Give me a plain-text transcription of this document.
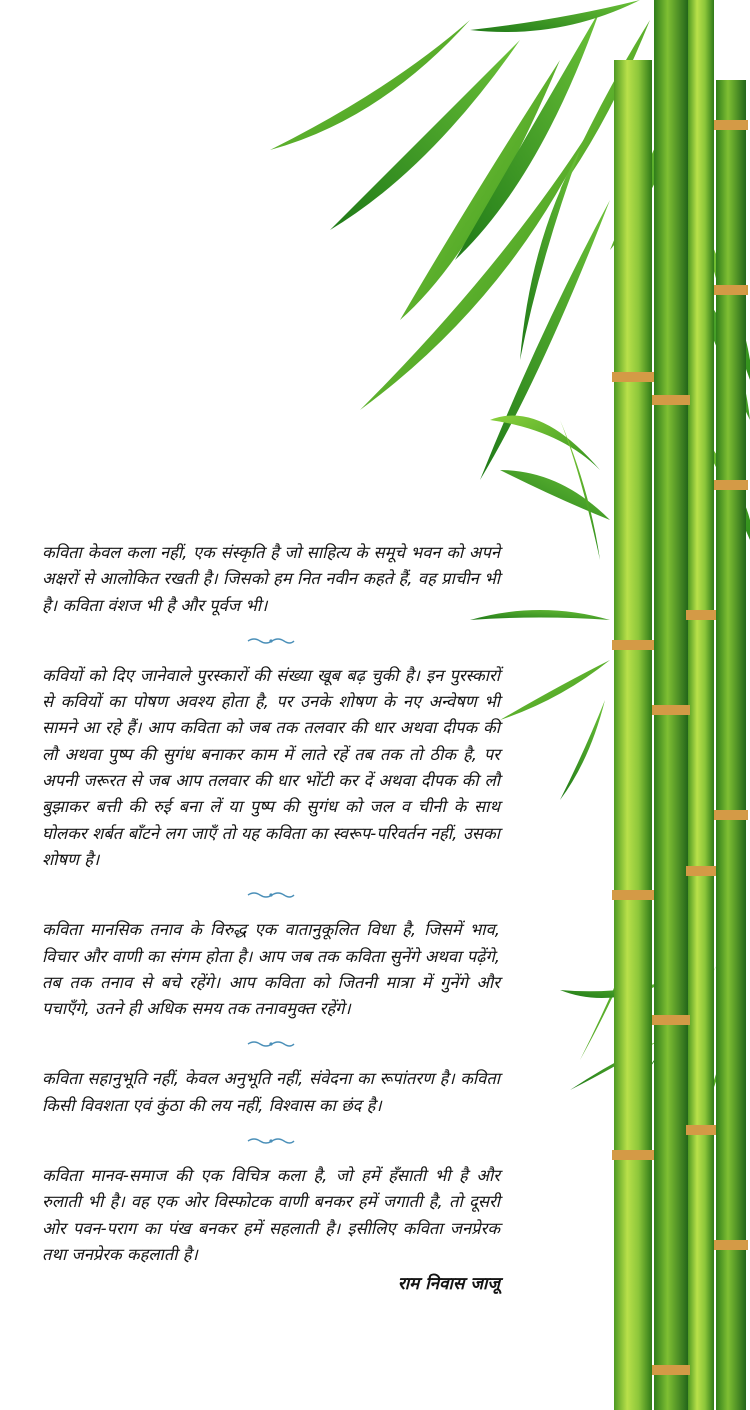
कविता केवल कला नहीं, एक संस्कृति है जो साहित्य के समूचे भवन को अपने अक्षरों से आलोकित रखती है। जिसको हम नित नवीन कहते हैं, वह प्राचीन भी है। कविता वंशज भी है और पूर्वज भी।

कवियों को दिए जानेवाले पुरस्कारों की संख्या खूब बढ़ चुकी है। इन पुरस्कारों से कवियों का पोषण अवश्य होता है, पर उनके शोषण के नए अन्वेषण भी सामने आ रहे हैं। आप कविता को जब तक तलवार की धार अथवा दीपक की लौ अथवा पुष्प की सुगंध बनाकर काम में लाते रहें तब तक तो ठीक है, पर अपनी जरूरत से जब आप तलवार की धार भोंटी कर दें अथवा दीपक की लौ बुझाकर बत्ती की रुई बना लें या पुष्प की सुगंध को जल व चीनी के साथ घोलकर शर्बत बाँटने लग जाएँ तो यह कविता का स्वरूप-परिवर्तन नहीं, उसका शोषण है।

कविता मानसिक तनाव के विरुद्ध एक वातानुकूलित विधा है, जिसमें भाव, विचार और वाणी का संगम होता है। आप जब तक कविता सुनेंगे अथवा पढ़ेंगे, तब तक तनाव से बचे रहेंगे। आप कविता को जितनी मात्रा में गुनेंगे और पचाएँगे, उतने ही अधिक समय तक तनावमुक्त रहेंगे।

कविता सहानुभूति नहीं, केवल अनुभूति नहीं, संवेदना का रूपांतरण है। कविता किसी विवशता एवं कुंठा की लय नहीं, विश्वास का छंद है।

कविता मानव-समाज की एक विचित्र कला है, जो हमें हँसाती भी है और रुलाती भी है। वह एक ओर विस्फोटक वाणी बनकर हमें जगाती है, तो दूसरी ओर पवन-पराग का पंख बनकर हमें सहलाती है। इसीलिए कविता जनप्रेरक तथा जनप्रेरक कहलाती है।

राम निवास जाजू
